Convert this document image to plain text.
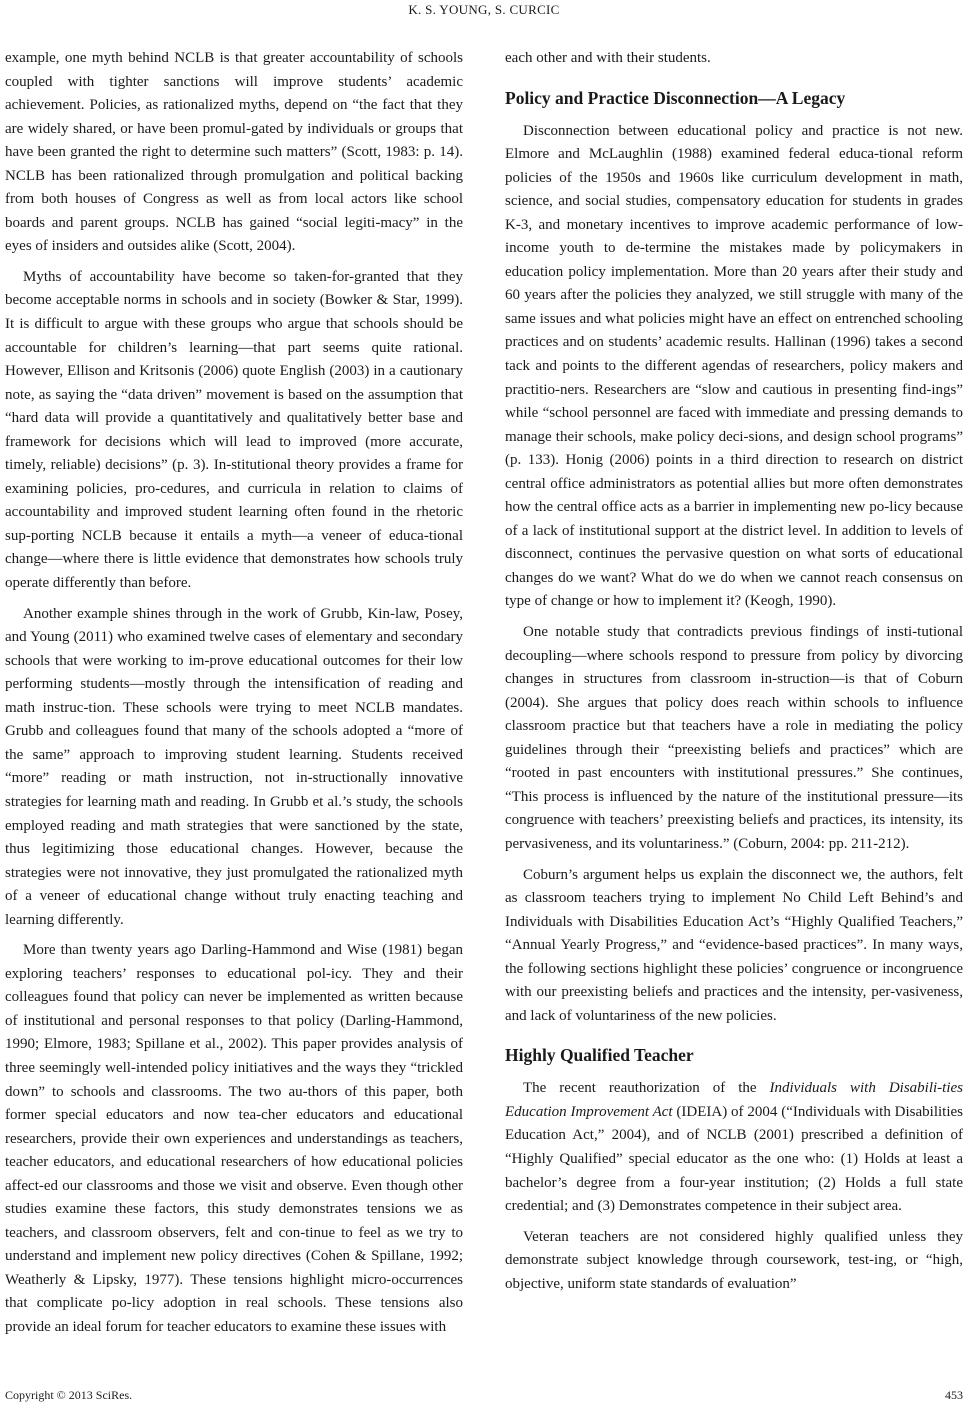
K. S. YOUNG, S. CURCIC

example, one myth behind NCLB is that greater accountability of schools coupled with tighter sanctions will improve students’ academic achievement. Policies, as rationalized myths, depend on “the fact that they are widely shared, or have been promul-gated by individuals or groups that have been granted the right to determine such matters” (Scott, 1983: p. 14). NCLB has been rationalized through promulgation and political backing from both houses of Congress as well as from local actors like school boards and parent groups. NCLB has gained “social legiti-macy” in the eyes of insiders and outsides alike (Scott, 2004).

Myths of accountability have become so taken-for-granted that they become acceptable norms in schools and in society (Bowker & Star, 1999). It is difficult to argue with these groups who argue that schools should be accountable for children’s learning—that part seems quite rational. However, Ellison and Kritsonis (2006) quote English (2003) in a cautionary note, as saying the “data driven” movement is based on the assumption that “hard data will provide a quantitatively and qualitatively better base and framework for decisions which will lead to improved (more accurate, timely, reliable) decisions” (p. 3). In-stitutional theory provides a frame for examining policies, pro-cedures, and curricula in relation to claims of accountability and improved student learning often found in the rhetoric sup-porting NCLB because it entails a myth—a veneer of educa-tional change—where there is little evidence that demonstrates how schools truly operate differently than before.

Another example shines through in the work of Grubb, Kin-law, Posey, and Young (2011) who examined twelve cases of elementary and secondary schools that were working to im-prove educational outcomes for their low performing students—mostly through the intensification of reading and math instruc-tion. These schools were trying to meet NCLB mandates. Grubb and colleagues found that many of the schools adopted a “more of the same” approach to improving student learning. Students received “more” reading or math instruction, not in-structionally innovative strategies for learning math and reading. In Grubb et al.’s study, the schools employed reading and math strategies that were sanctioned by the state, thus legitimizing those educational changes. However, because the strategies were not innovative, they just promulgated the rationalized myth of a veneer of educational change without truly enacting teaching and learning differently.

More than twenty years ago Darling-Hammond and Wise (1981) began exploring teachers’ responses to educational pol-icy. They and their colleagues found that policy can never be implemented as written because of institutional and personal responses to that policy (Darling-Hammond, 1990; Elmore, 1983; Spillane et al., 2002). This paper provides analysis of three seemingly well-intended policy initiatives and the ways they “trickled down” to schools and classrooms. The two au-thors of this paper, both former special educators and now tea-cher educators and educational researchers, provide their own experiences and understandings as teachers, teacher educators, and educational researchers of how educational policies affect-ed our classrooms and those we visit and observe. Even though other studies examine these factors, this study demonstrates tensions we as teachers, and classroom observers, felt and con-tinue to feel as we try to understand and implement new policy directives (Cohen & Spillane, 1992; Weatherly & Lipsky, 1977). These tensions highlight micro-occurrences that complicate po-licy adoption in real schools. These tensions also provide an ideal forum for teacher educators to examine these issues with

each other and with their students.

Policy and Practice Disconnection—A Legacy

Disconnection between educational policy and practice is not new. Elmore and McLaughlin (1988) examined federal educa-tional reform policies of the 1950s and 1960s like curriculum development in math, science, and social studies, compensatory education for students in grades K-3, and monetary incentives to improve academic performance of low-income youth to de-termine the mistakes made by policymakers in education policy implementation. More than 20 years after their study and 60 years after the policies they analyzed, we still struggle with many of the same issues and what policies might have an effect on entrenched schooling practices and on students’ academic results. Hallinan (1996) takes a second tack and points to the different agendas of researchers, policy makers and practitio-ners. Researchers are “slow and cautious in presenting find-ings” while “school personnel are faced with immediate and pressing demands to manage their schools, make policy deci-sions, and design school programs” (p. 133). Honig (2006) points in a third direction to research on district central office administrators as potential allies but more often demonstrates how the central office acts as a barrier in implementing new po-licy because of a lack of institutional support at the district level. In addition to levels of disconnect, continues the pervasive question on what sorts of educational changes do we want? What do we do when we cannot reach consensus on type of change or how to implement it? (Keogh, 1990).

One notable study that contradicts previous findings of insti-tutional decoupling—where schools respond to pressure from policy by divorcing changes in structures from classroom in-struction—is that of Coburn (2004). She argues that policy does reach within schools to influence classroom practice but that teachers have a role in mediating the policy guidelines through their “preexisting beliefs and practices” which are “rooted in past encounters with institutional pressures.” She continues, “This process is influenced by the nature of the institutional pressure—its congruence with teachers’ preexisting beliefs and practices, its intensity, its pervasiveness, and its voluntariness.” (Coburn, 2004: pp. 211-212).

Coburn’s argument helps us explain the disconnect we, the authors, felt as classroom teachers trying to implement No Child Left Behind’s and Individuals with Disabilities Education Act’s “Highly Qualified Teachers,” “Annual Yearly Progress,” and “evidence-based practices”. In many ways, the following sections highlight these policies’ congruence or incongruence with our preexisting beliefs and practices and the intensity, per-vasiveness, and lack of voluntariness of the new policies.

Highly Qualified Teacher

The recent reauthorization of the Individuals with Disabili-ties Education Improvement Act (IDEIA) of 2004 (“Individuals with Disabilities Education Act,” 2004), and of NCLB (2001) prescribed a definition of “Highly Qualified” special educator as the one who: (1) Holds at least a bachelor’s degree from a four-year institution; (2) Holds a full state credential; and (3) Demonstrates competence in their subject area.

Veteran teachers are not considered highly qualified unless they demonstrate subject knowledge through coursework, test-ing, or “high, objective, uniform state standards of evaluation”

Copyright © 2013 SciRes.	453
